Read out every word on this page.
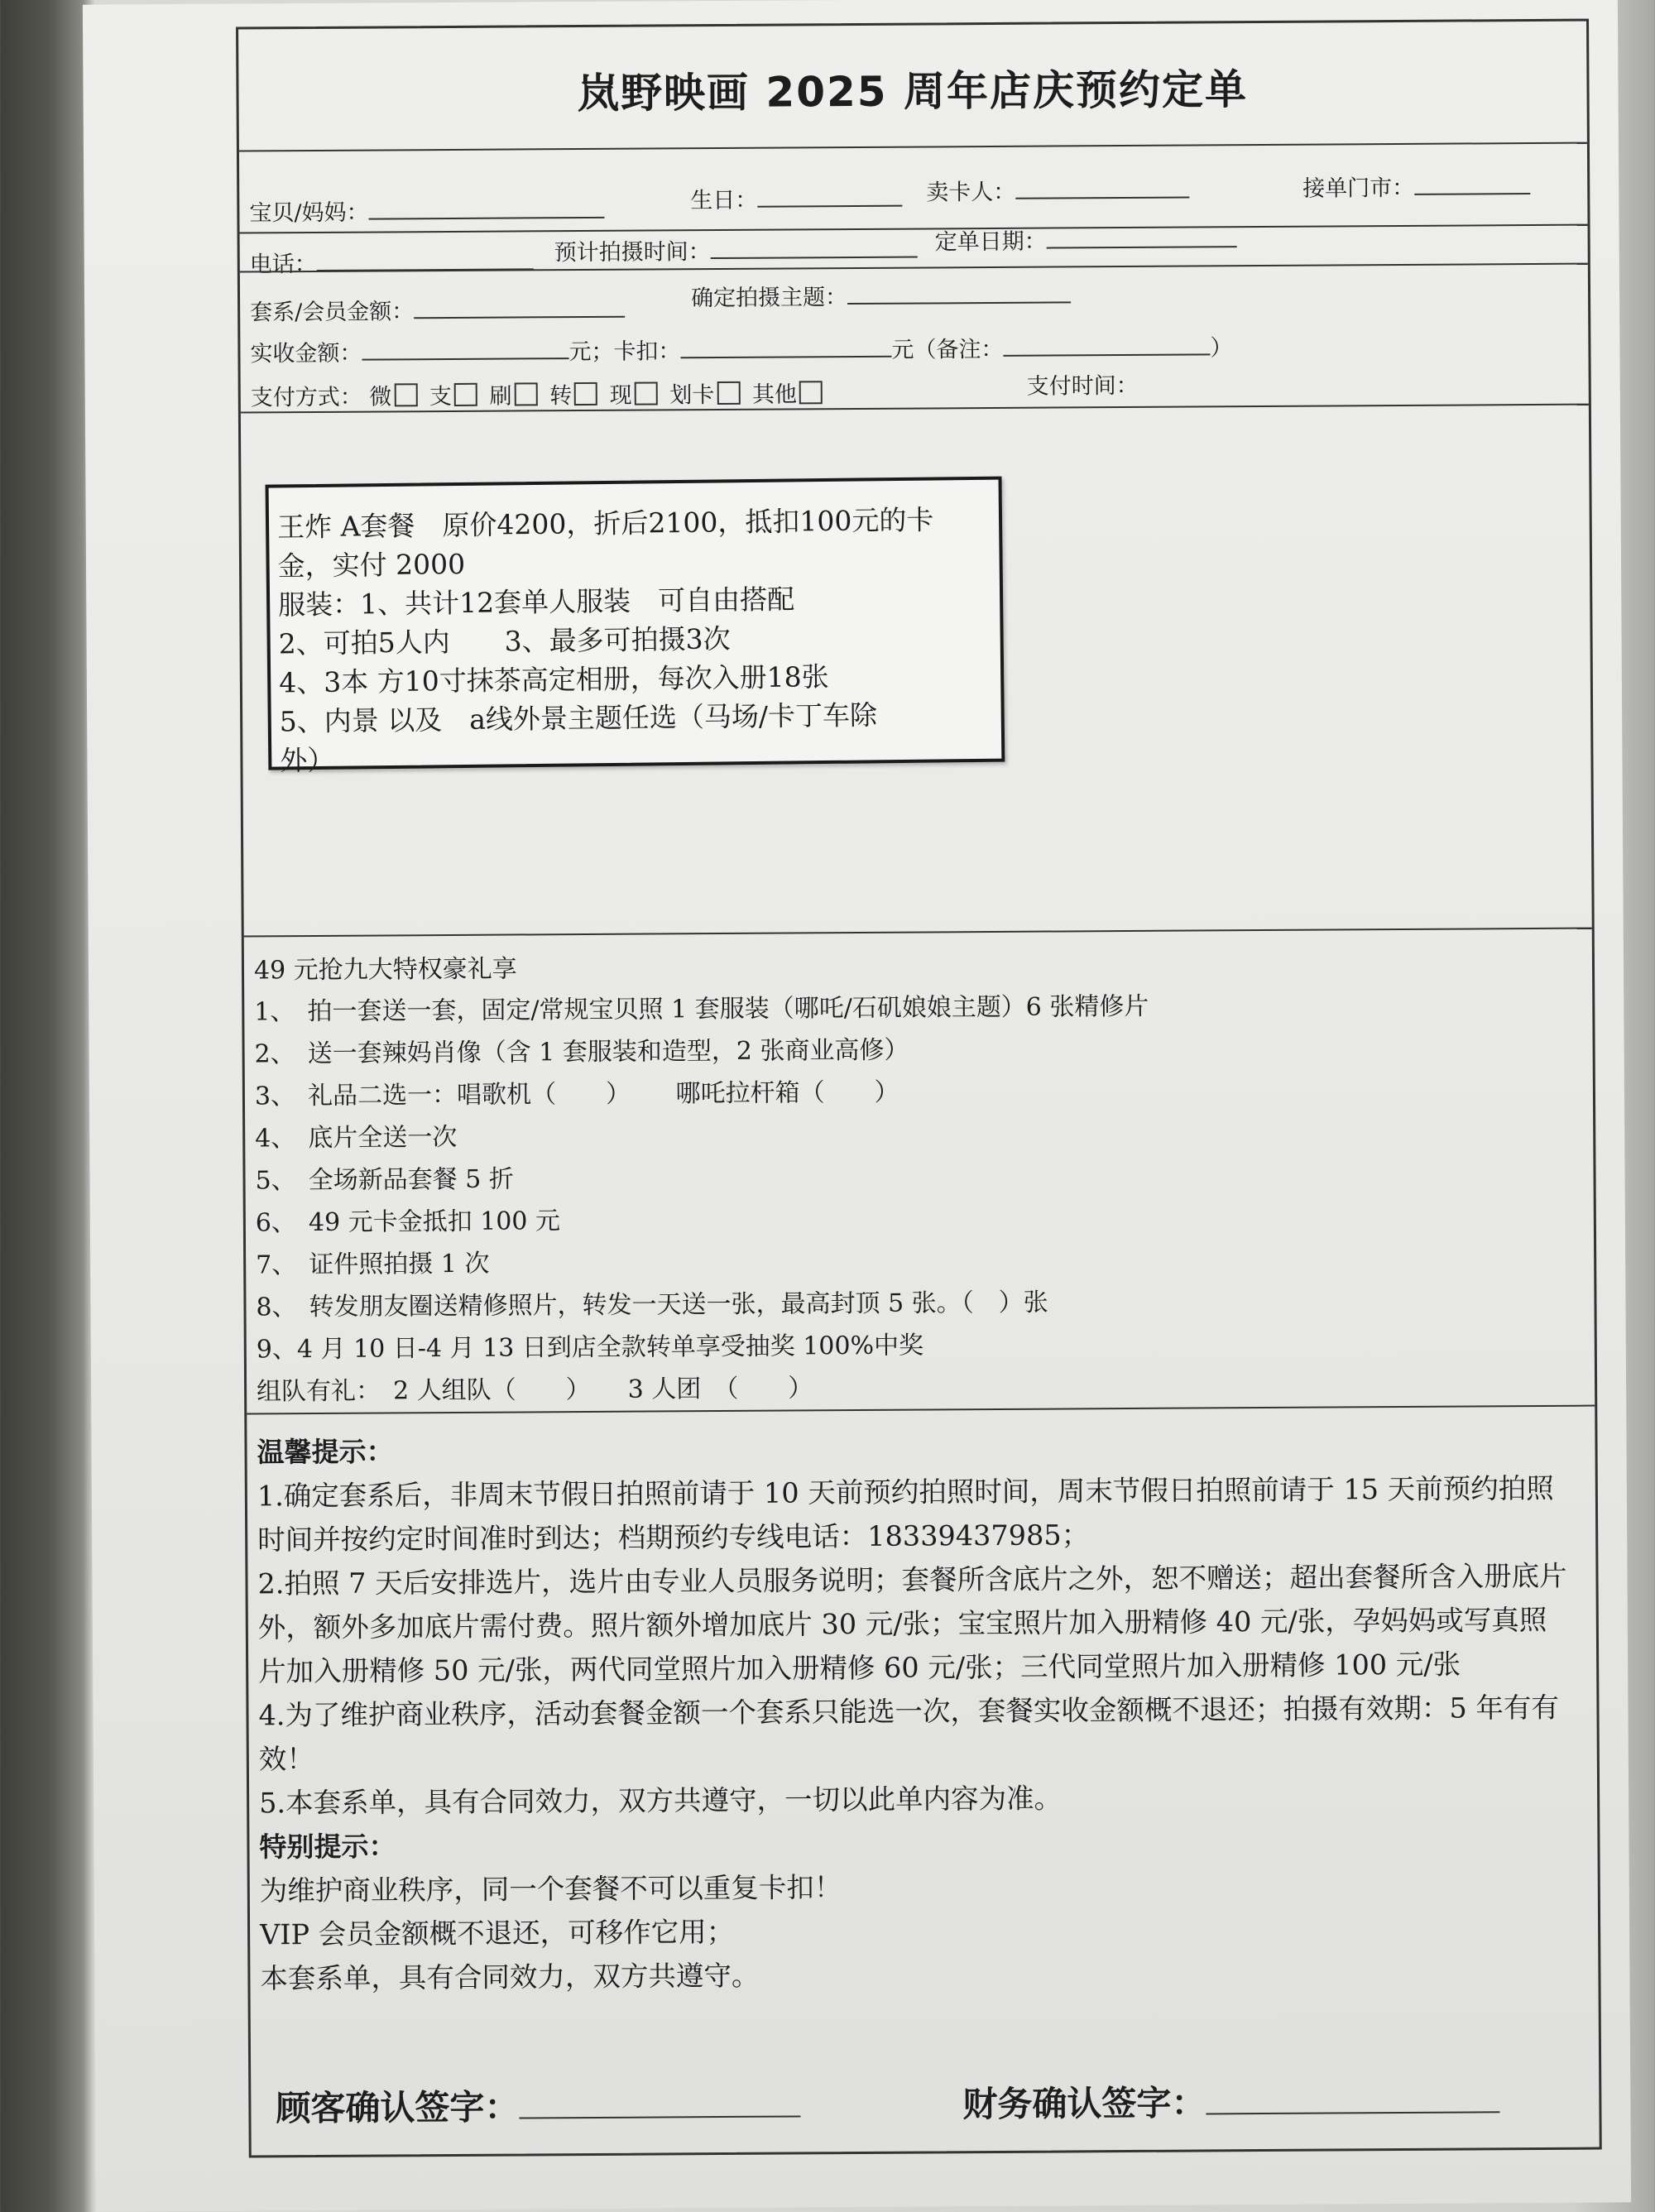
岚野映画 2025 周年店庆预约定单
宝贝/妈妈：	生日：	卖卡人：	接单门市：
电话：	预计拍摄时间：	定单日期：
套系/会员金额：
确定拍摄主题：
实收金额：	元；卡扣：	元（备注：	）
支付方式： 微 支 刷 转 现 划卡 其他	支付时间：
王炸 A套餐　原价4200，折后2100，抵扣100元的卡
金，实付 2000
服装：1、共计12套单人服装　可自由搭配
2、可拍5人内　　3、最多可拍摄3次
4、3本 方10寸抹茶高定相册，每次入册18张
5、内景 以及　a线外景主题任选（马场/卡丁车除
外）
49 元抢九大特权豪礼享
1、　拍一套送一套，固定/常规宝贝照 1 套服装（哪吒/石矶娘娘主题）6 张精修片
2、　送一套辣妈肖像（含 1 套服装和造型，2 张商业高修）
3、　礼品二选一：唱歌机（　　）　　 哪吒拉杆箱（　　）
4、　底片全送一次
5、　全场新品套餐 5 折
6、　49 元卡金抵扣 100 元
7、　证件照拍摄 1 次
8、　转发朋友圈送精修照片，转发一天送一张，最高封顶 5 张。（　）张
9、4 月 10 日-4 月 13 日到店全款转单享受抽奖 100%中奖
组队有礼：　2 人组队（　　）　　3 人团　（　　）

温馨提示：

1.确定套系后，非周末节假日拍照前请于 10 天前预约拍照时间，周末节假日拍照前请于 15 天前预约拍照时间并按约定时间准时到达；档期预约专线电话：18339437985；

2.拍照 7 天后安排选片，选片由专业人员服务说明；套餐所含底片之外，恕不赠送；超出套餐所含入册底片外，额外多加底片需付费。照片额外增加底片 30 元/张；宝宝照片加入册精修 40 元/张，孕妈妈或写真照片加入册精修 50 元/张，两代同堂照片加入册精修 60 元/张；三代同堂照片加入册精修 100 元/张

4.为了维护商业秩序，活动套餐金额一个套系只能选一次，套餐实收金额概不退还；拍摄有效期：5 年有有效！

5.本套系单，具有合同效力，双方共遵守，一切以此单内容为准。

特别提示：

为维护商业秩序，同一个套餐不可以重复卡扣！

VIP 会员金额概不退还，可移作它用；

本套系单，具有合同效力，双方共遵守。

顾客确认签字：	财务确认签字：
